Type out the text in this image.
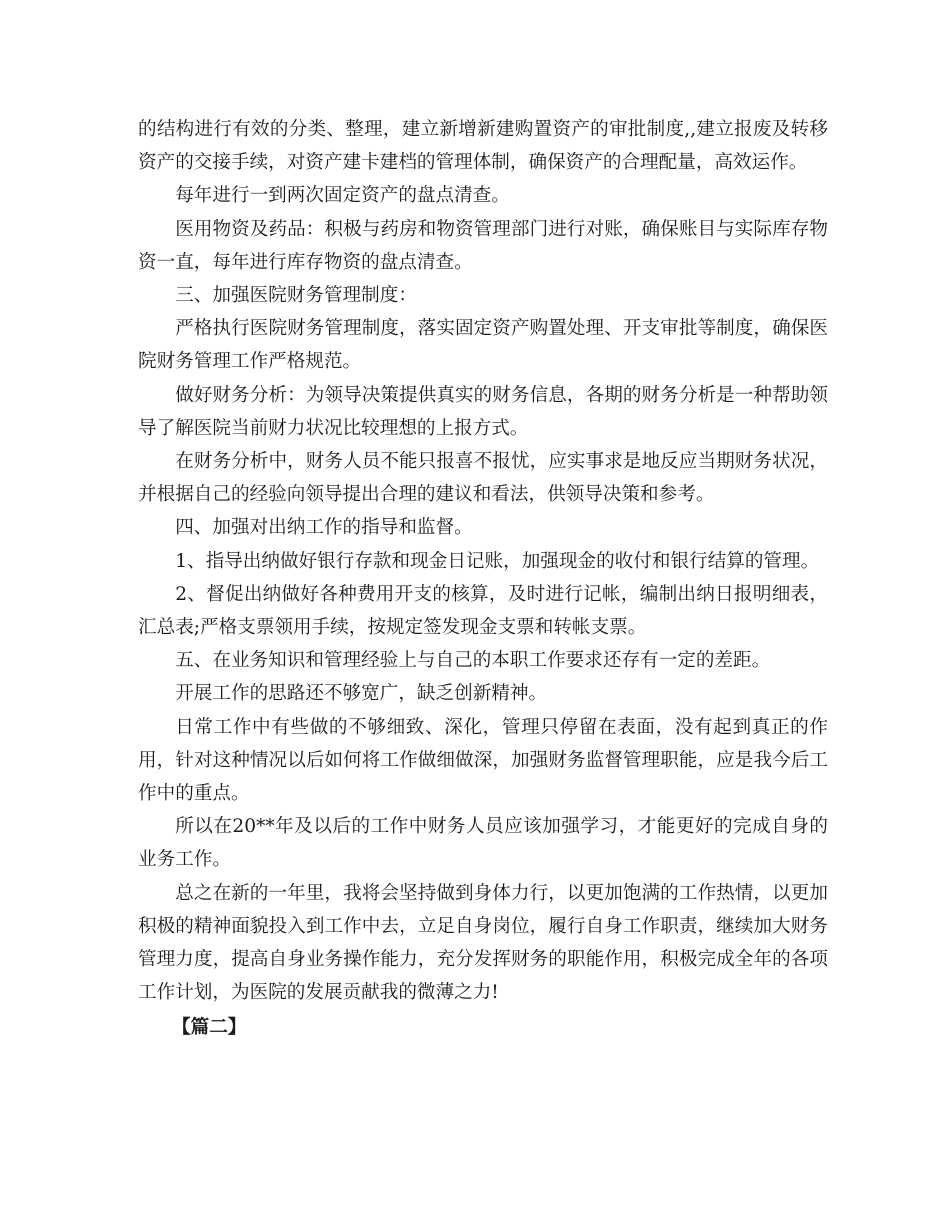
的结构进行有效的分类、整理，建立新增新建购置资产的审批制度,,建立报废及转移资产的交接手续，对资产建卡建档的管理体制，确保资产的合理配量，高效运作。

每年进行一到两次固定资产的盘点清查。

医用物资及药品：积极与药房和物资管理部门进行对账，确保账目与实际库存物资一直，每年进行库存物资的盘点清查。

三、加强医院财务管理制度：

严格执行医院财务管理制度，落实固定资产购置处理、开支审批等制度，确保医院财务管理工作严格规范。

做好财务分析：为领导决策提供真实的财务信息，各期的财务分析是一种帮助领导了解医院当前财力状况比较理想的上报方式。

在财务分析中，财务人员不能只报喜不报忧，应实事求是地反应当期财务状况，并根据自己的经验向领导提出合理的建议和看法，供领导决策和参考。

四、加强对出纳工作的指导和监督。

1、指导出纳做好银行存款和现金日记账，加强现金的收付和银行结算的管理。

2、督促出纳做好各种费用开支的核算，及时进行记帐，编制出纳日报明细表，汇总表;严格支票领用手续，按规定签发现金支票和转帐支票。

五、在业务知识和管理经验上与自己的本职工作要求还存有一定的差距。

开展工作的思路还不够宽广，缺乏创新精神。

日常工作中有些做的不够细致、深化，管理只停留在表面，没有起到真正的作用，针对这种情况以后如何将工作做细做深，加强财务监督管理职能，应是我今后工作中的重点。

所以在20**年及以后的工作中财务人员应该加强学习，才能更好的完成自身的业务工作。

总之在新的一年里，我将会坚持做到身体力行，以更加饱满的工作热情，以更加积极的精神面貌投入到工作中去，立足自身岗位，履行自身工作职责，继续加大财务管理力度，提高自身业务操作能力，充分发挥财务的职能作用，积极完成全年的各项工作计划，为医院的发展贡献我的微薄之力!

【篇二】
